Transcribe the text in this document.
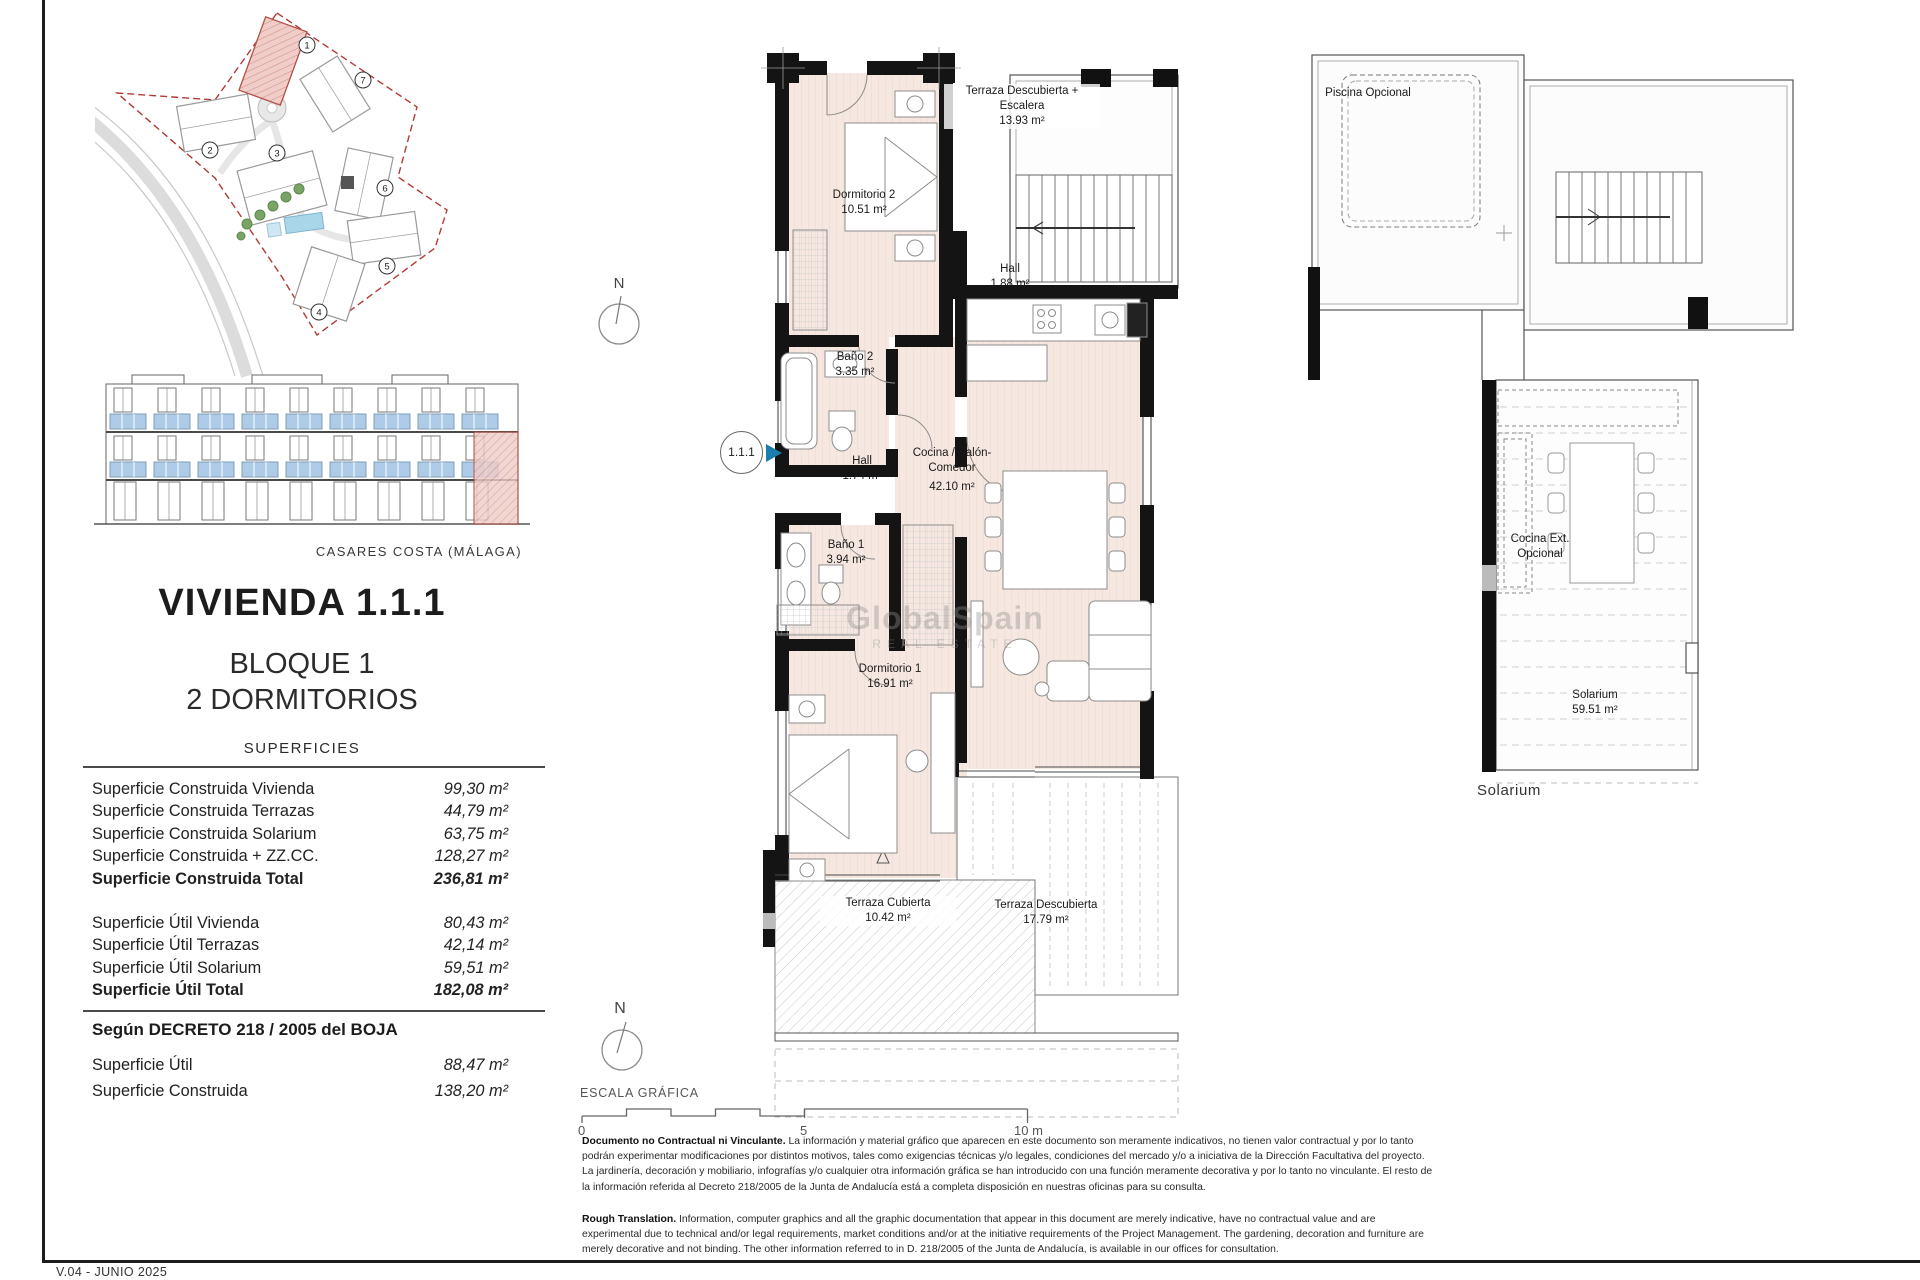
V.04 - JUNIO 2025
1
2	3
4
5
6
7
N
CASARES COSTA (MÁLAGA)
VIVIENDA 1.1.1
BLOQUE 1
2 DORMITORIOS
SUPERFICIES
Superficie Construida Vivienda	99,30 m²
Superficie Construida Terrazas	44,79 m²
Superficie Construida Solarium	63,75 m²
Superficie Construida + ZZ.CC.	128,27 m²
Superficie Construida Total	236,81 m²
Superficie Útil Vivienda	80,43 m²
Superficie Útil Terrazas	42,14 m²
Superficie Útil Solarium	59,51 m²
Superficie Útil Total	182,08 m²
Según DECRETO 218 / 2005 del BOJA
Superficie Útil	88,47 m²
Superficie Construida	138,20 m²
Terraza Descubierta + Escalera
13.93 m²
Dormitorio 2
10.51 m²
Hall
1.88 m²
Baño 2
3.35 m²
Hall
1.74 m²
Cocina / Salón-Comedor
42.10 m²
Baño 1
3.94 m²
Dormitorio 1
16.91 m²
Terraza Cubierta
10.42 m²
Terraza Descubierta
17.79 m²
1.1.1
GlobalSpain
REAL ESTATE
Piscina Opcional
Cocina Ext. Opcional
Solarium
59.51 m²
Solarium
N
ESCALA GRÁFICA
0	5	10 m
Documento no Contractual ni Vinculante. La información y material gráfico que aparecen en este documento son meramente indicativos, no tienen valor contractual y por lo tanto podrán experimentar modificaciones por distintos motivos, tales como exigencias técnicas y/o legales, condiciones del mercado y/o a iniciativa de la Dirección Facultativa del proyecto. La jardinería, decoración y mobiliario, infografías y/o cualquier otra información gráfica se han introducido con una función meramente decorativa y por lo tanto no vinculante. El resto de la información referida al Decreto 218/2005 de la Junta de Andalucía está a completa disposición en nuestras oficinas para su consulta.
Rough Translation. Information, computer graphics and all the graphic documentation that appear in this document are merely indicative, have no contractual value and are experimental due to technical and/or legal requirements, market conditions and/or at the initiative requirements of the Project Management. The gardening, decoration and furniture are merely decorative and not binding. The other information referred to in D. 218/2005 of the Junta de Andalucía, is available in our offices for consultation.
